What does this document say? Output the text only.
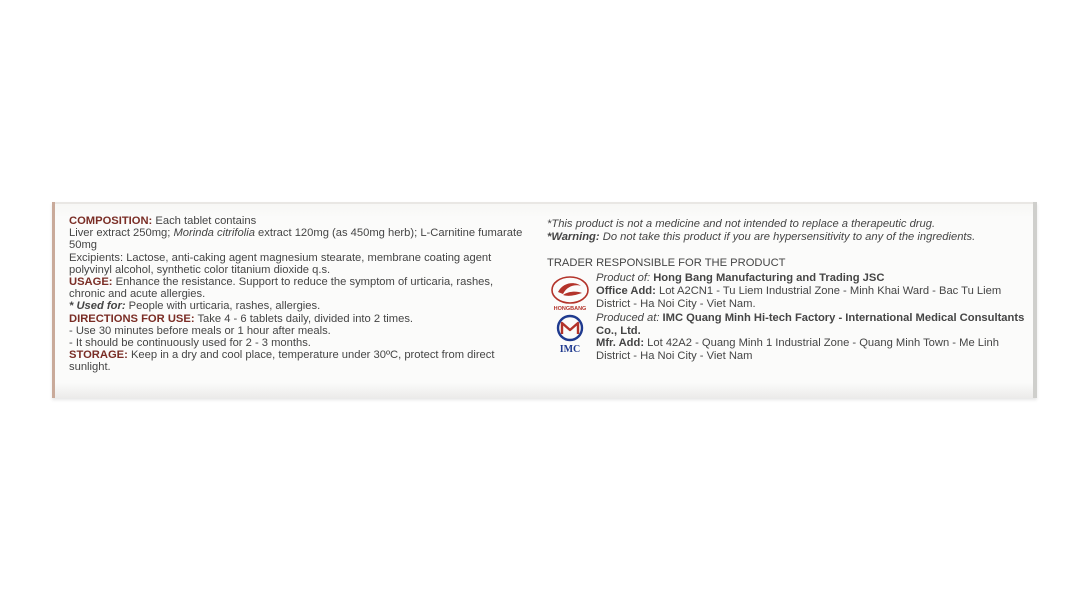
COMPOSITION: Each tablet contains

Liver extract 250mg; Morinda citrifolia extract 120mg (as 450mg herb); L-Carnitine fumarate 50mg

Excipients: Lactose, anti-caking agent magnesium stearate, membrane coating agent polyvinyl alcohol, synthetic color titanium dioxide q.s.

USAGE: Enhance the resistance. Support to reduce the symptom of urticaria, rashes, chronic and acute allergies.

* Used for: People with urticaria, rashes, allergies.

DIRECTIONS FOR USE: Take 4 - 6 tablets daily, divided into 2 times.

- Use 30 minutes before meals or 1 hour after meals.

- It should be continuously used for 2 - 3 months.

STORAGE: Keep in a dry and cool place, temperature under 30ºC, protect from direct sunlight.

*This product is not a medicine and not intended to replace a therapeutic drug.

*Warning: Do not take this product if you are hypersensitivity to any of the ingredients.

TRADER RESPONSIBLE FOR THE PRODUCT

HONGBANG

Product of: Hong Bang Manufacturing and Trading JSC

Office Add: Lot A2CN1 - Tu Liem Industrial Zone - Minh Khai Ward - Bac Tu Liem District - Ha Noi City - Viet Nam.

IMC

Produced at: IMC Quang Minh Hi-tech Factory - International Medical Consultants Co., Ltd.

Mfr. Add: Lot 42A2 - Quang Minh 1 Industrial Zone - Quang Minh Town - Me Linh District - Ha Noi City - Viet Nam
